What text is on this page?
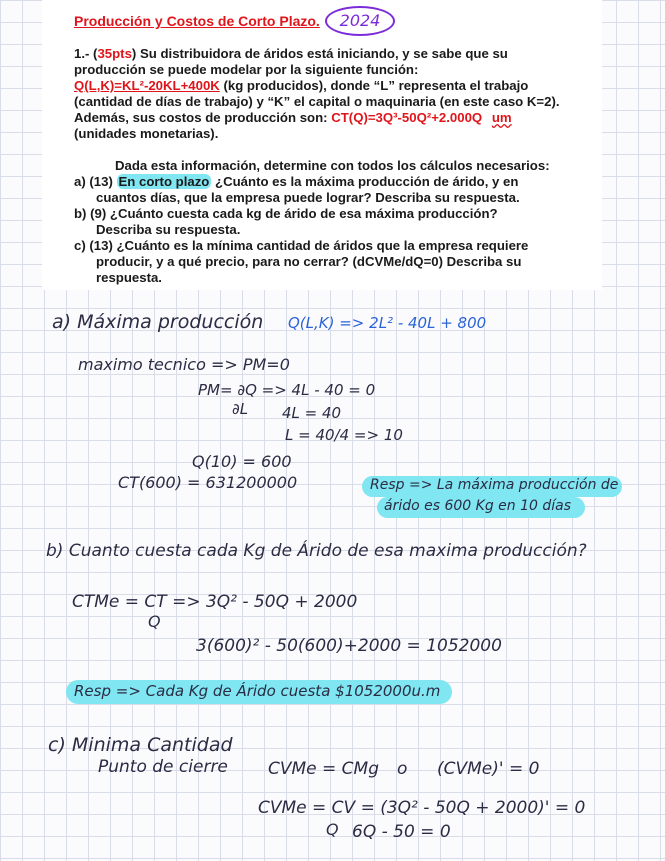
Producción y Costos de Corto Plazo.	2024
1.- (35pts) Su distribuidora de áridos está iniciando, y se sabe que su
producción se puede modelar por la siguiente función:
Q(L,K)=KL²-20KL+400K (kg producidos), donde “L” representa el trabajo
(cantidad de días de trabajo) y “K” el capital o maquinaria (en este caso K=2).
Además, sus costos de producción son: CT(Q)=3Q³-50Q²+2.000Q um
(unidades monetarias).
Dada esta información, determine con todos los cálculos necesarios:
a) (13) En corto plazo ¿Cuánto es la máxima producción de árido, y en
cuantos días, que la empresa puede lograr? Describa su respuesta.
b) (9) ¿Cuánto cuesta cada kg de árido de esa máxima producción?
Describa su respuesta.
c) (13) ¿Cuánto es la mínima cantidad de áridos que la empresa requiere
producir, y a qué precio, para no cerrar? (dCVMe/dQ=0) Describa su
respuesta.
a) Máxima producción Q(L,K) => 2L² - 40L + 800
maximo tecnico => PM=0
PM= ∂Q => 4L - 40 = 0
∂L 4L = 40
L = 40/4 => 10
Q(10) = 600
CT(600) = 631200000	Resp => La máxima producción de
árido es 600 Kg en 10 días
b) Cuanto cuesta cada Kg de Árido de esa maxima producción?
CTMe = CT => 3Q² - 50Q + 2000
Q
3(600)² - 50(600)+2000 = 1052000
Resp => Cada Kg de Árido cuesta $1052000u.m
c) Minima Cantidad
Punto de cierre CVMe = CMg o (CVMe)' = 0
CVMe = CV = (3Q² - 50Q + 2000)' = 0
Q 6Q - 50 = 0
